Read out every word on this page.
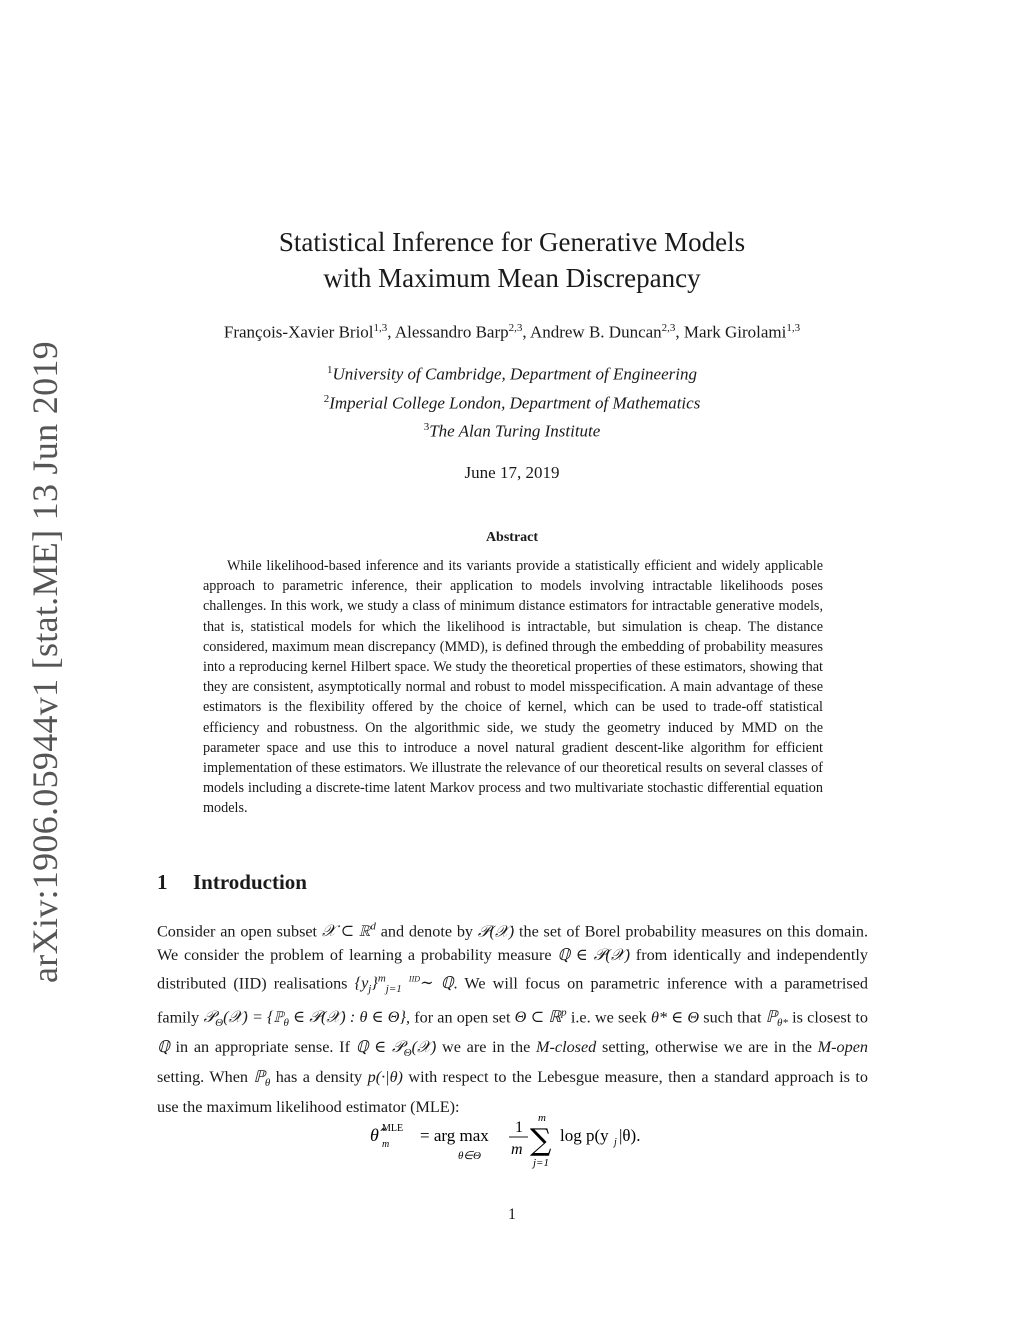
arXiv:1906.05944v1 [stat.ME] 13 Jun 2019
Statistical Inference for Generative Models
with Maximum Mean Discrepancy
François-Xavier Briol$^{1,3}$, Alessandro Barp$^{2,3}$, Andrew B. Duncan$^{2,3}$, Mark Girolami$^{1,3}$
$^1$University of Cambridge, Department of Engineering
$^2$Imperial College London, Department of Mathematics
$^3$The Alan Turing Institute
June 17, 2019
Abstract
While likelihood-based inference and its variants provide a statistically efficient and widely applicable approach to parametric inference, their application to models involving intractable likelihoods poses challenges. In this work, we study a class of minimum distance estimators for intractable generative models, that is, statistical models for which the likelihood is intractable, but simulation is cheap. The distance considered, maximum mean discrepancy (MMD), is defined through the embedding of probability measures into a reproducing kernel Hilbert space. We study the theoretical properties of these estimators, showing that they are consistent, asymptotically normal and robust to model misspecification. A main advantage of these estimators is the flexibility offered by the choice of kernel, which can be used to trade-off statistical efficiency and robustness. On the algorithmic side, we study the geometry induced by MMD on the parameter space and use this to introduce a novel natural gradient descent-like algorithm for efficient implementation of these estimators. We illustrate the relevance of our theoretical results on several classes of models including a discrete-time latent Markov process and two multivariate stochastic differential equation models.
1 Introduction
Consider an open subset 𝒳 ⊂ ℝ$^d$ and denote by 𝒫(𝒳) the set of Borel probability measures on this domain. We consider the problem of learning a probability measure ℚ ∈ 𝒫(𝒳) from identically and independently distributed (IID) realisations $\{y_j\}^m_{j=1}$ $^{IID}$∼ ℚ. We will focus on parametric inference with a parametrised family 𝒫$_\Theta$(𝒳) = {ℙ$_\theta$ ∈ 𝒫(𝒳) : θ ∈ Θ}, for an open set Θ ⊂ ℝ$^p$ i.e. we seek θ* ∈ Θ such that ℙ$_{\theta*}$ is closest to ℚ in an appropriate sense. If ℚ ∈ 𝒫$_\Theta$(𝒳) we are in the M-closed setting, otherwise we are in the M-open setting. When ℙ$_\theta$ has a density p(·|θ) with respect to the Lebesgue measure, then a standard approach is to use the maximum likelihood estimator (MLE):
θ̂ MLE
m = arg max
θ∈Θ
1
m
m
∑
j=1
log p(y j |θ).
1
